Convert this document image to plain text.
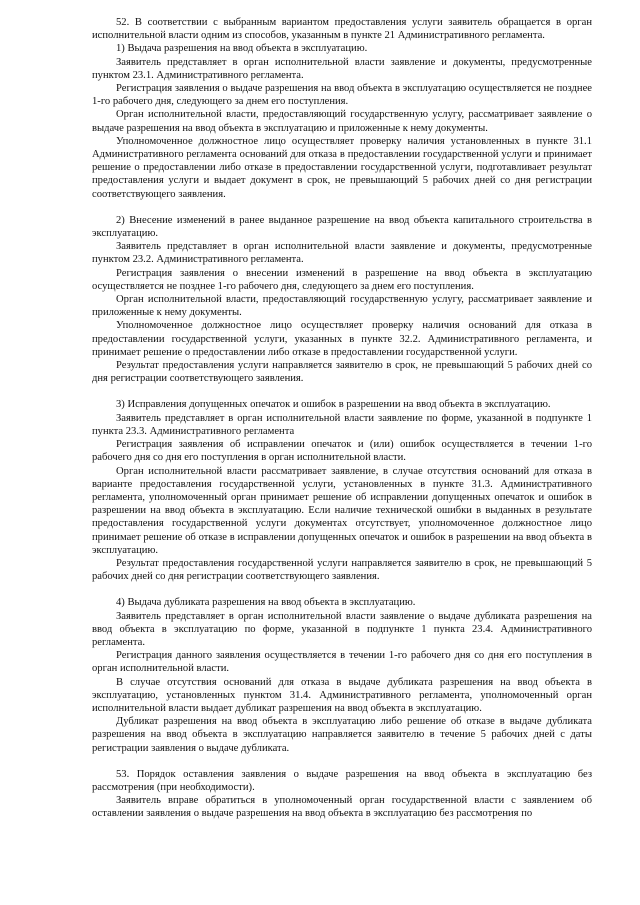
52. В соответствии с выбранным вариантом предоставления услуги заявитель обращается в орган исполнительной власти одним из способов, указанным в пункте 21 Административного регламента.

1) Выдача разрешения на ввод объекта в эксплуатацию.

Заявитель представляет в орган исполнительной власти заявление и документы, предусмотренные пунктом 23.1. Административного регламента.

Регистрация заявления о выдаче разрешения на ввод объекта в эксплуатацию осуществляется не позднее 1-го рабочего дня, следующего за днем его поступления.

Орган исполнительной власти, предоставляющий государственную услугу, рассматривает заявление о выдаче разрешения на ввод объекта в эксплуатацию и приложенные к нему документы.

Уполномоченное должностное лицо осуществляет проверку наличия установленных в пункте 31.1 Административного регламента оснований для отказа в предоставлении государственной услуги и принимает решение о предоставлении либо отказе в предоставлении государственной услуги, подготавливает результат предоставления услуги и выдает документ в срок, не превышающий 5 рабочих дней со дня регистрации соответствующего заявления.

2) Внесение изменений в ранее выданное разрешение на ввод объекта капитального строительства в эксплуатацию.

Заявитель представляет в орган исполнительной власти заявление и документы, предусмотренные пунктом 23.2. Административного регламента.

Регистрация заявления о внесении изменений в разрешение на ввод объекта в эксплуатацию осуществляется не позднее 1-го рабочего дня, следующего за днем его поступления.

Орган исполнительной власти, предоставляющий государственную услугу, рассматривает заявление и приложенные к нему документы.

Уполномоченное должностное лицо осуществляет проверку наличия оснований для отказа в предоставлении государственной услуги, указанных в пункте 32.2. Административного регламента, и принимает решение о предоставлении либо отказе в предоставлении государственной услуги.

Результат предоставления услуги направляется заявителю в срок, не превышающий 5 рабочих дней со дня регистрации соответствующего заявления.

3) Исправления допущенных опечаток и ошибок в разрешении на ввод объекта в эксплуатацию.

Заявитель представляет в орган исполнительной власти заявление по форме, указанной в подпункте 1 пункта 23.3. Административного регламента

Регистрация заявления об исправлении опечаток и (или) ошибок осуществляется в течении 1-го рабочего дня со дня его поступления в орган исполнительной власти.

Орган исполнительной власти рассматривает заявление, в случае отсутствия оснований для отказа в варианте предоставления государственной услуги, установленных в пункте 31.3. Административного регламента, уполномоченный орган принимает решение об исправлении допущенных опечаток и ошибок в разрешении на ввод объекта в эксплуатацию. Если наличие технической ошибки в выданных в результате предоставления государственной услуги документах отсутствует, уполномоченное должностное лицо принимает решение об отказе в исправлении допущенных опечаток и ошибок в разрешении на ввод объекта в эксплуатацию.

Результат предоставления государственной услуги направляется заявителю в срок, не превышающий 5 рабочих дней со дня регистрации соответствующего заявления.

4) Выдача дубликата разрешения на ввод объекта в эксплуатацию.

Заявитель представляет в орган исполнительной власти заявление о выдаче дубликата разрешения на ввод объекта в эксплуатацию по форме, указанной в подпункте 1 пункта 23.4. Административного регламента.

Регистрация данного заявления осуществляется в течении 1-го рабочего дня со дня его поступления в орган исполнительной власти.

В случае отсутствия оснований для отказа в выдаче дубликата разрешения на ввод объекта в эксплуатацию, установленных пунктом 31.4. Административного регламента, уполномоченный орган исполнительной власти выдает дубликат разрешения на ввод объекта в эксплуатацию.

Дубликат разрешения на ввод объекта в эксплуатацию либо решение об отказе в выдаче дубликата разрешения на ввод объекта в эксплуатацию направляется заявителю в течение 5 рабочих дней с даты регистрации заявления о выдаче дубликата.

53. Порядок оставления заявления о выдаче разрешения на ввод объекта в эксплуатацию без рассмотрения (при необходимости).

Заявитель вправе обратиться в уполномоченный орган государственной власти с заявлением об оставлении заявления о выдаче разрешения на ввод объекта в эксплуатацию без рассмотрения по
